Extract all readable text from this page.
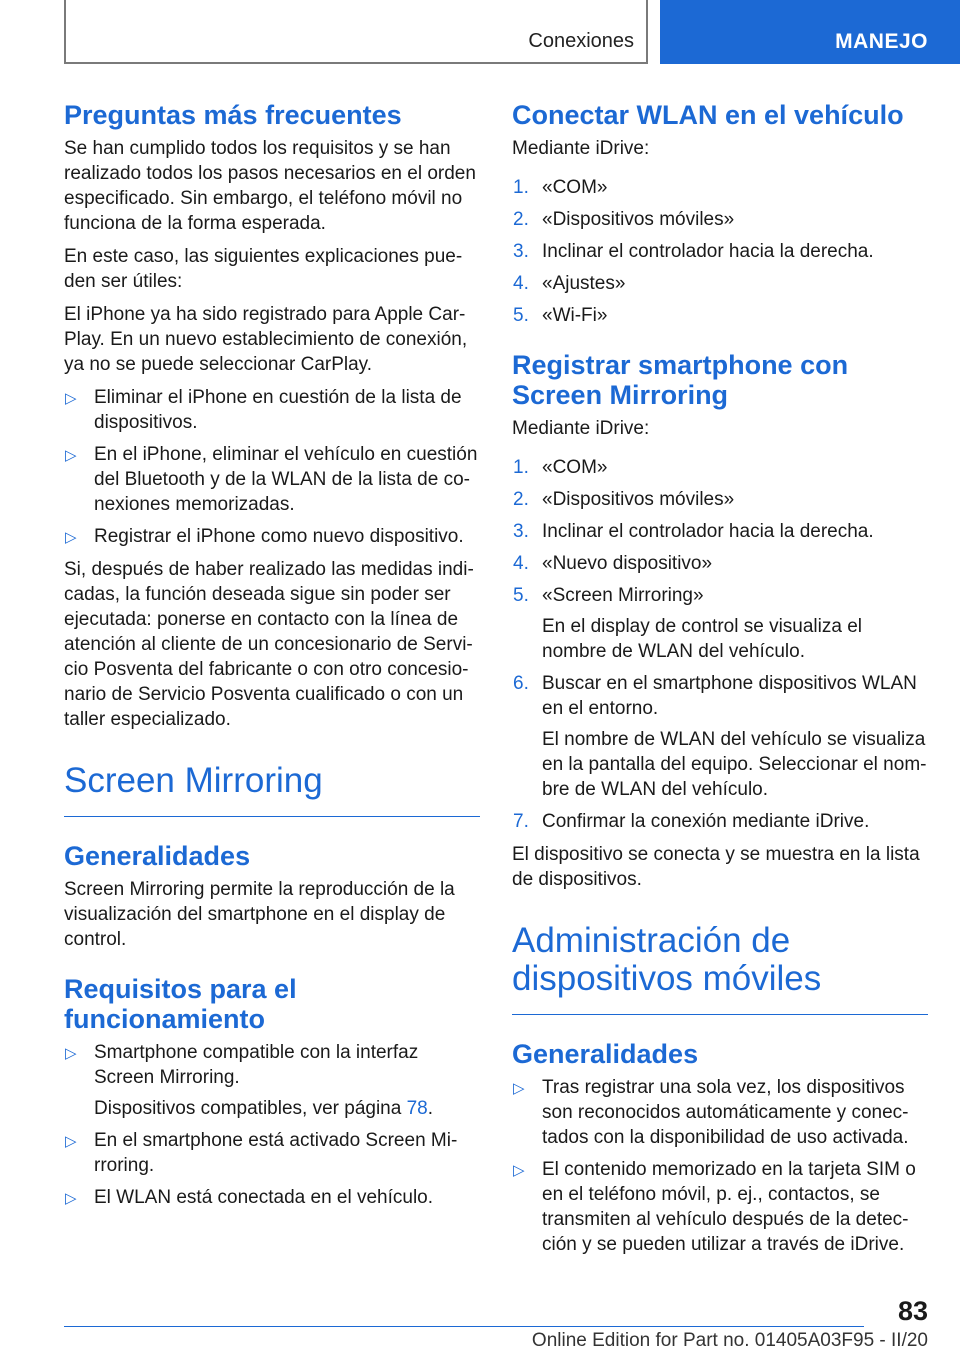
Conexiones	MANEJO
Preguntas más frecuentes

Se han cumplido todos los requisitos y se han realizado todos los pasos necesarios en el orden especificado. Sin embargo, el teléfono móvil no funciona de la forma esperada.

En este caso, las siguientes explicaciones pue‐den ser útiles:

El iPhone ya ha sido registrado para Apple Car‐Play. En un nuevo establecimiento de conexión, ya no se puede seleccionar CarPlay.

▷ Eliminar el iPhone en cuestión de la lista de dispositivos.
▷ En el iPhone, eliminar el vehículo en cuestión del Bluetooth y de la WLAN de la lista de co‐nexiones memorizadas.
▷ Registrar el iPhone como nuevo dispositivo.

Si, después de haber realizado las medidas indi‐cadas, la función deseada sigue sin poder ser ejecutada: ponerse en contacto con la línea de atención al cliente de un concesionario de Servi‐cio Posventa del fabricante o con otro concesio‐nario de Servicio Posventa cualificado o con un taller especializado.

Screen Mirroring
Generalidades

Screen Mirroring permite la reproducción de la visualización del smartphone en el display de control.

Requisitos para el funcionamiento
▷ Smartphone compatible con la interfaz Screen Mirroring.
Dispositivos compatibles, ver página 78.
▷ En el smartphone está activado Screen Mi‐rroring.
▷ El WLAN está conectada en el vehículo.
Conectar WLAN en el vehículo

Mediante iDrive:

1. «COM»
2. «Dispositivos móviles»
3. Inclinar el controlador hacia la derecha.
4. «Ajustes»
5. «Wi-Fi»
Registrar smartphone con Screen Mirroring

Mediante iDrive:

1. «COM»
2. «Dispositivos móviles»
3. Inclinar el controlador hacia la derecha.
4. «Nuevo dispositivo»
5. «Screen Mirroring»
En el display de control se visualiza el nombre de WLAN del vehículo.
6. Buscar en el smartphone dispositivos WLAN en el entorno.
El nombre de WLAN del vehículo se visualiza en la pantalla del equipo. Seleccionar el nom‐bre de WLAN del vehículo.
7. Confirmar la conexión mediante iDrive.

El dispositivo se conecta y se muestra en la lista de dispositivos.

Administración de dispositivos móviles
Generalidades
▷ Tras registrar una sola vez, los dispositivos son reconocidos automáticamente y conec‐tados con la disponibilidad de uso activada.
▷ El contenido memorizado en la tarjeta SIM o en el teléfono móvil, p. ej., contactos, se transmiten al vehículo después de la detec‐ción y se pueden utilizar a través de iDrive.
83
Online Edition for Part no. 01405A03F95 - II/20
